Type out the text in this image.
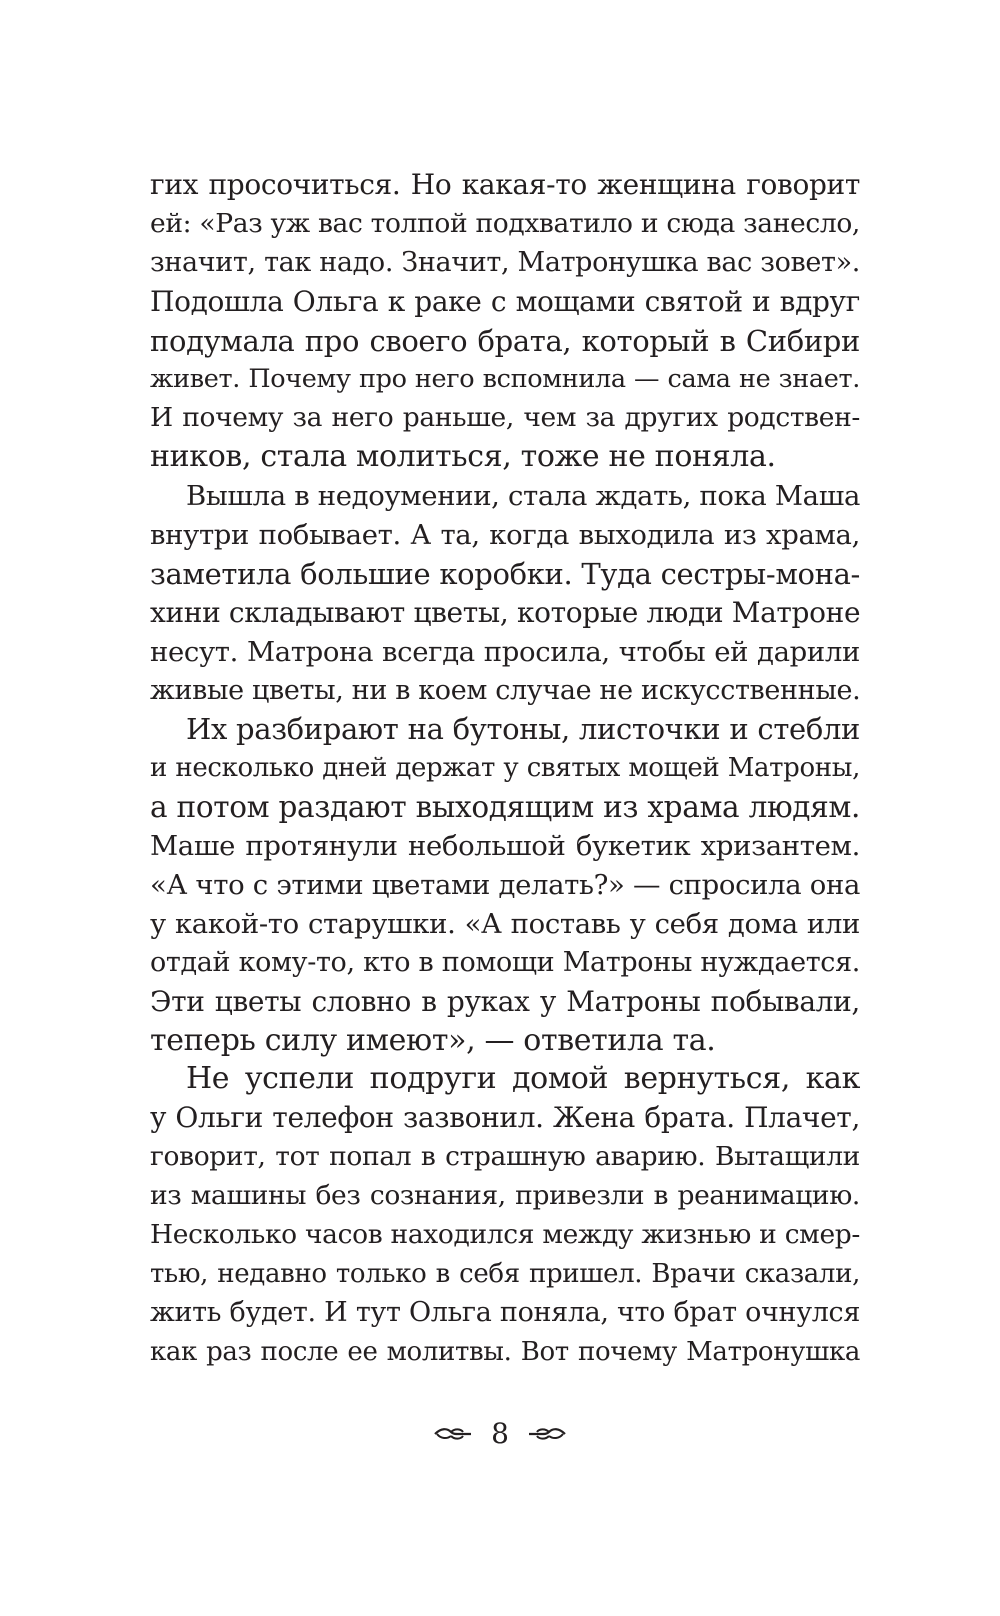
гих просочиться. Но какая-то женщина говорит
ей: «Раз уж вас толпой подхватило и сюда занесло,
значит, так надо. Значит, Матронушка вас зовет».
Подошла Ольга к раке с мощами святой и вдруг
подумала про своего брата, который в Сибири
живет. Почему про него вспомнила — сама не знает.
И почему за него раньше, чем за других родствен-
ников, стала молиться, тоже не поняла.
Вышла в недоумении, стала ждать, пока Маша
внутри побывает. А та, когда выходила из храма,
заметила большие коробки. Туда сестры-мона-
хини складывают цветы, которые люди Матроне
несут. Матрона всегда просила, чтобы ей дарили
живые цветы, ни в коем случае не искусственные.
Их разбирают на бутоны, листочки и стебли
и несколько дней держат у святых мощей Матроны,
а потом раздают выходящим из храма людям.
Маше протянули небольшой букетик хризантем.
«А что с этими цветами делать?» — спросила она
у какой-то старушки. «А поставь у себя дома или
отдай кому-то, кто в помощи Матроны нуждается.
Эти цветы словно в руках у Матроны побывали,
теперь силу имеют», — ответила та.
Не успели подруги домой вернуться, как
у Ольги телефон зазвонил. Жена брата. Плачет,
говорит, тот попал в страшную аварию. Вытащили
из машины без сознания, привезли в реанимацию.
Несколько часов находился между жизнью и смер-
тью, недавно только в себя пришел. Врачи сказали,
жить будет. И тут Ольга поняла, что брат очнулся
как раз после ее молитвы. Вот почему Матронушка
8
